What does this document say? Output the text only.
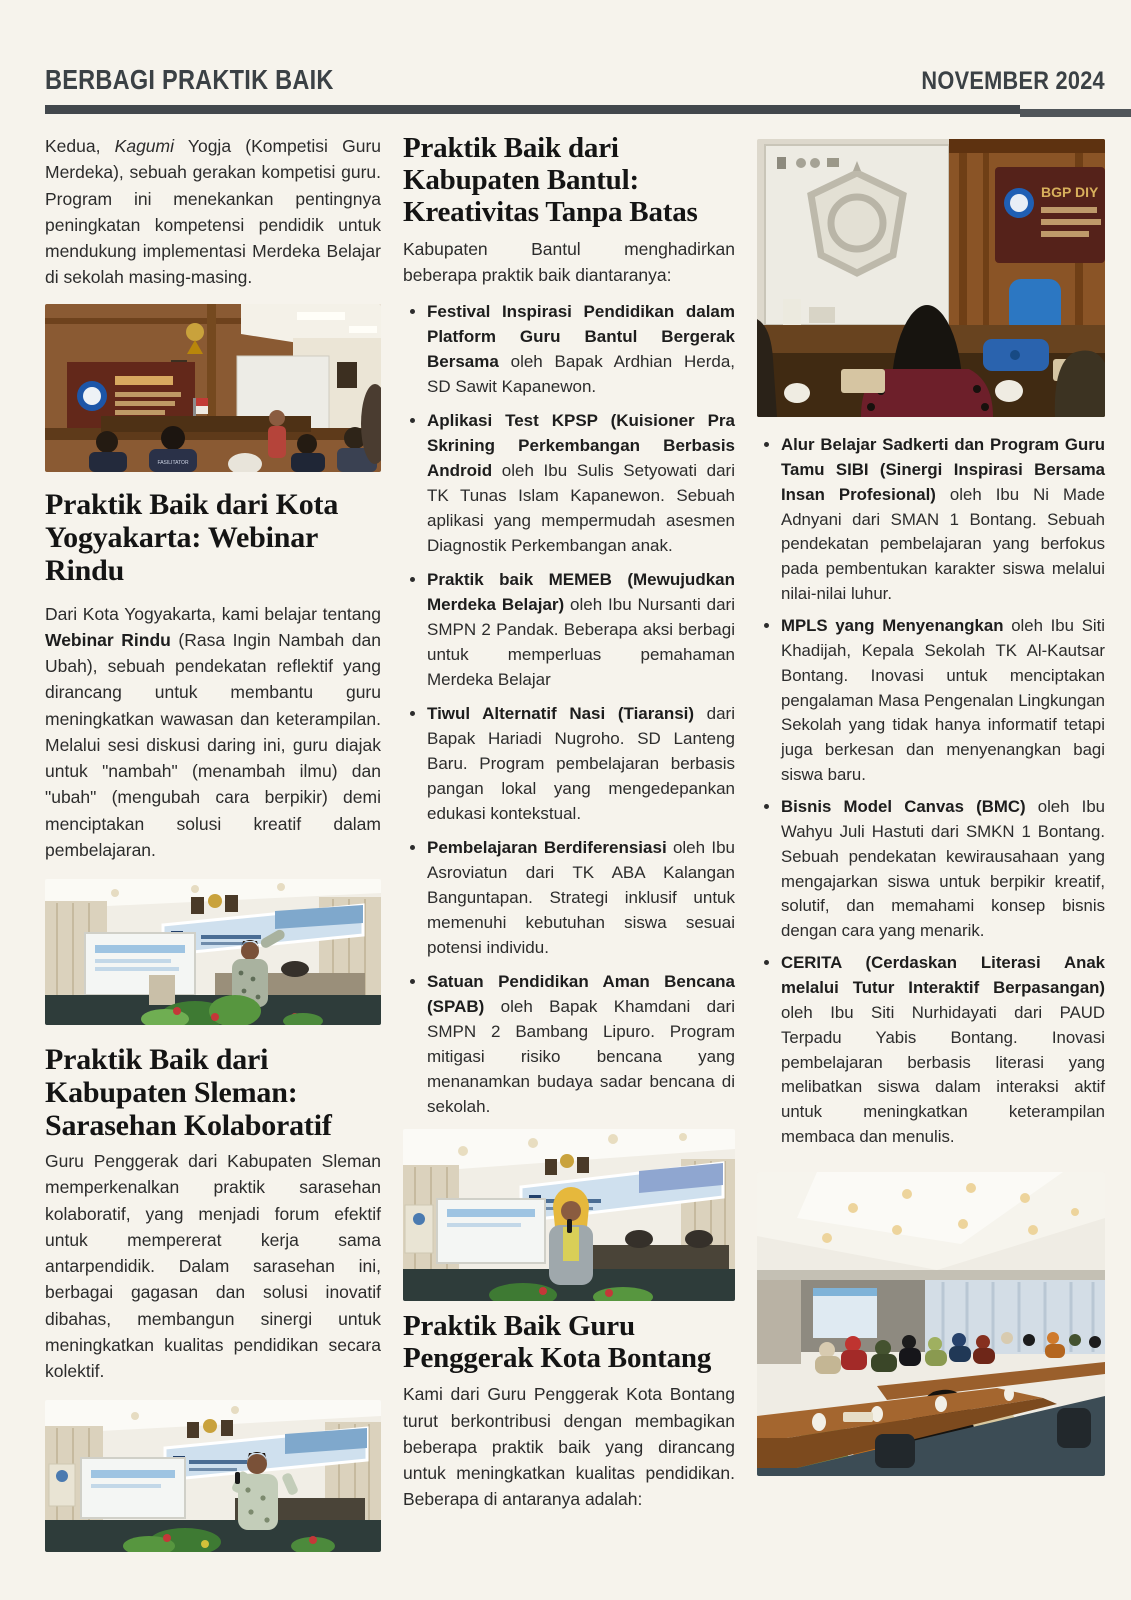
BERBAGI PRAKTIK BAIK	NOVEMBER 2024

Kedua, Kagumi Yogja (Kompetisi Guru Merdeka), sebuah gerakan kompetisi guru. Program ini menekankan pentingnya peningkatan kompetensi pendidik untuk mendukung implementasi Merdeka Belajar di sekolah masing-masing.

FASILITATOR
Praktik Baik dari Kota Yogyakarta: Webinar Rindu

Dari Kota Yogyakarta, kami belajar tentang Webinar Rindu (Rasa Ingin Nambah dan Ubah), sebuah pendekatan reflektif yang dirancang untuk membantu guru meningkatkan wawasan dan keterampilan. Melalui sesi diskusi daring ini, guru diajak untuk "nambah" (menambah ilmu) dan "ubah" (mengubah cara berpikir) demi menciptakan solusi kreatif dalam pembelajaran.

Praktik Baik dari Kabupaten Sleman: Sarasehan Kolaboratif

Guru Penggerak dari Kabupaten Sleman memperkenalkan praktik sarasehan kolaboratif, yang menjadi forum efektif untuk mempererat kerja sama antarpendidik. Dalam sarasehan ini, berbagai gagasan dan solusi inovatif dibahas, membangun sinergi untuk meningkatkan kualitas pendidikan secara kolektif.

Praktik Baik dari Kabupaten Bantul: Kreativitas Tanpa Batas

Kabupaten Bantul menghadirkan beberapa praktik baik diantaranya:

• Festival Inspirasi Pendidikan dalam Platform Guru Bantul Bergerak Bersama oleh Bapak Ardhian Herda, SD Sawit Kapanewon.
• Aplikasi Test KPSP (Kuisioner Pra Skrining Perkembangan Berbasis Android oleh Ibu Sulis Setyowati dari TK Tunas Islam Kapanewon. Sebuah aplikasi yang mempermudah asesmen Diagnostik Perkembangan anak.
• Praktik baik MEMEB (Mewujudkan Merdeka Belajar) oleh Ibu Nursanti dari SMPN 2 Pandak. Beberapa aksi berbagi untuk memperluas pemahaman Merdeka Belajar
• Tiwul Alternatif Nasi (Tiaransi) dari Bapak Hariadi Nugroho. SD Lanteng Baru. Program pembelajaran berbasis pangan lokal yang mengedepankan edukasi kontekstual.
• Pembelajaran Berdiferensiasi oleh Ibu Asroviatun dari TK ABA Kalangan Banguntapan. Strategi inklusif untuk memenuhi kebutuhan siswa sesuai potensi individu.
• Satuan Pendidikan Aman Bencana (SPAB) oleh Bapak Khamdani dari SMPN 2 Bambang Lipuro. Program mitigasi risiko bencana yang menanamkan budaya sadar bencana di sekolah.
Praktik Baik Guru Penggerak Kota Bontang

Kami dari Guru Penggerak Kota Bontang turut berkontribusi dengan membagikan beberapa praktik baik yang dirancang untuk meningkatkan kualitas pendidikan. Beberapa di antaranya adalah:

BGP DIY
• Alur Belajar Sadkerti dan Program Guru Tamu SIBI (Sinergi Inspirasi Bersama Insan Profesional) oleh Ibu Ni Made Adnyani dari SMAN 1 Bontang. Sebuah pendekatan pembelajaran yang berfokus pada pembentukan karakter siswa melalui nilai-nilai luhur.
• MPLS yang Menyenangkan oleh Ibu Siti Khadijah, Kepala Sekolah TK Al-Kautsar Bontang. Inovasi untuk menciptakan pengalaman Masa Pengenalan Lingkungan Sekolah yang tidak hanya informatif tetapi juga berkesan dan menyenangkan bagi siswa baru.
• Bisnis Model Canvas (BMC) oleh Ibu Wahyu Juli Hastuti dari SMKN 1 Bontang. Sebuah pendekatan kewirausahaan yang mengajarkan siswa untuk berpikir kreatif, solutif, dan memahami konsep bisnis dengan cara yang menarik.
• CERITA (Cerdaskan Literasi Anak melalui Tutur Interaktif Berpasangan) oleh Ibu Siti Nurhidayati dari PAUD Terpadu Yabis Bontang. Inovasi pembelajaran berbasis literasi yang melibatkan siswa dalam interaksi aktif untuk meningkatkan keterampilan membaca dan menulis.
